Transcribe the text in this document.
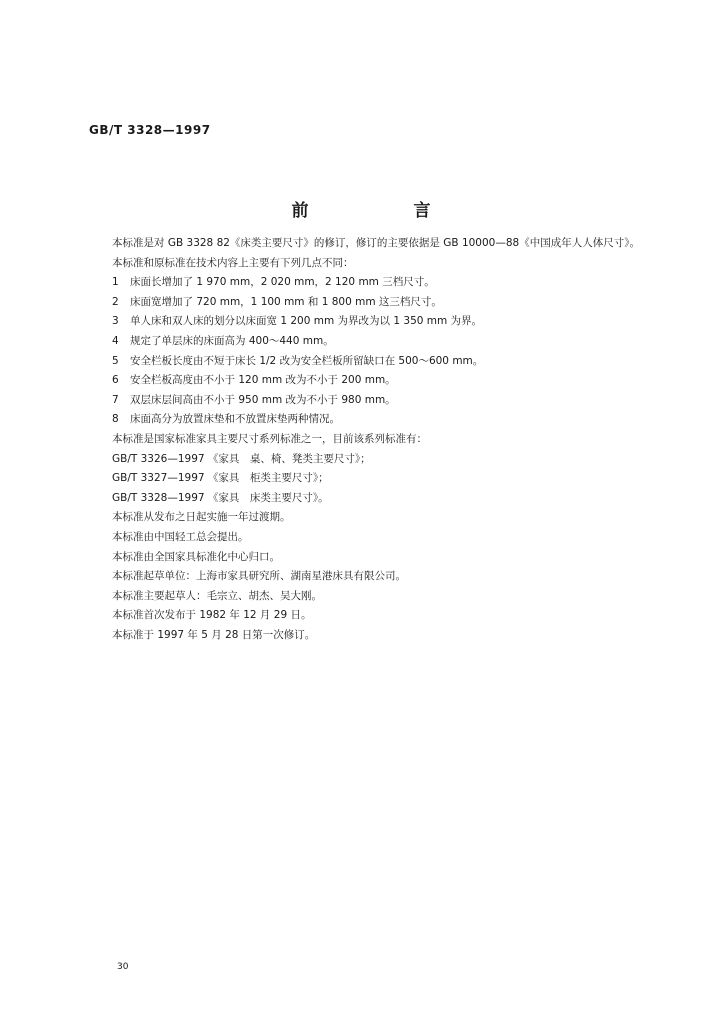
GB/T 3328—1997
前　言

本标准是对 GB 3328 82《床类主要尺寸》的修订，修订的主要依据是 GB 10000—88《中国成年人人体尺寸》。

本标准和原标准在技术内容上主要有下列几点不同：

1 床面长增加了 1 970 mm，2 020 mm，2 120 mm 三档尺寸。
2 床面宽增加了 720 mm，1 100 mm 和 1 800 mm 这三档尺寸。
3 单人床和双人床的划分以床面宽 1 200 mm 为界改为以 1 350 mm 为界。
4 规定了单层床的床面高为 400～440 mm。
5 安全栏板长度由不短于床长 1/2 改为安全栏板所留缺口在 500～600 mm。
6 安全栏板高度由不小于 120 mm 改为不小于 200 mm。
7 双层床层间高由不小于 950 mm 改为不小于 980 mm。
8 床面高分为放置床垫和不放置床垫两种情况。

本标准是国家标准家具主要尺寸系列标准之一，目前该系列标准有：

GB/T 3326—1997 《家具　桌、椅、凳类主要尺寸》；

GB/T 3327—1997 《家具　柜类主要尺寸》；

GB/T 3328—1997 《家具　床类主要尺寸》。

本标准从发布之日起实施一年过渡期。

本标准由中国轻工总会提出。

本标准由全国家具标准化中心归口。

本标准起草单位：上海市家具研究所、湖南星港床具有限公司。

本标准主要起草人：毛宗立、胡杰、吴大刚。

本标准首次发布于 1982 年 12 月 29 日。

本标准于 1997 年 5 月 28 日第一次修订。

30
